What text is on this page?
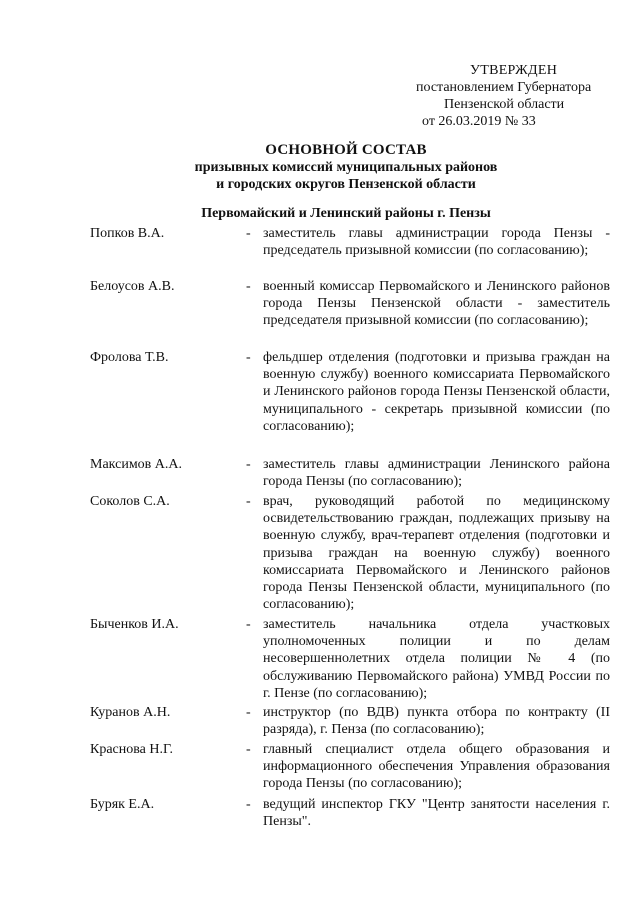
УТВЕРЖДЕН
постановлением Губернатора
Пензенской области
от 26.03.2019 № 33
ОСНОВНОЙ СОСТАВ
призывных комиссий муниципальных районов
и городских округов Пензенской области
Первомайский и Ленинский районы г. Пензы
Попков В.А.	- заместитель главы администрации города Пензы - председатель призывной комиссии (по согласованию);
Белоусов А.В.	- военный комиссар Первомайского и Ленинского районов города Пензы Пензенской области - заместитель председателя призывной комиссии (по согласованию);
Фролова Т.В.	- фельдшер отделения (подготовки и призыва граждан на военную службу) военного комиссариата Первомайского и Ленинского районов города Пензы Пензенской области, муниципального - секретарь призывной комиссии (по согласованию);
Максимов А.А.	- заместитель главы администрации Ленинского района города Пензы (по согласованию);
Соколов С.А.	- врач, руководящий работой по медицинскому освидетельствованию граждан, подлежащих призыву на военную службу, врач-терапевт отделения (подготовки и призыва граждан на военную службу) военного комиссариата Первомайского и Ленинского районов города Пензы Пензенской области, муниципального (по согласованию);
Быченков И.А.	- заместитель начальника отдела участковых уполномоченных полиции и по делам несовершеннолетних отдела полиции № 4 (по обслуживанию Первомайского района) УМВД России по г. Пензе (по согласованию);
Куранов А.Н.	- инструктор (по ВДВ) пункта отбора по контракту (II разряда), г. Пенза (по согласованию);
Краснова Н.Г.	- главный специалист отдела общего образования и информационного обеспечения Управления образования города Пензы (по согласованию);
Буряк Е.А.	- ведущий инспектор ГКУ "Центр занятости населения г. Пензы".
